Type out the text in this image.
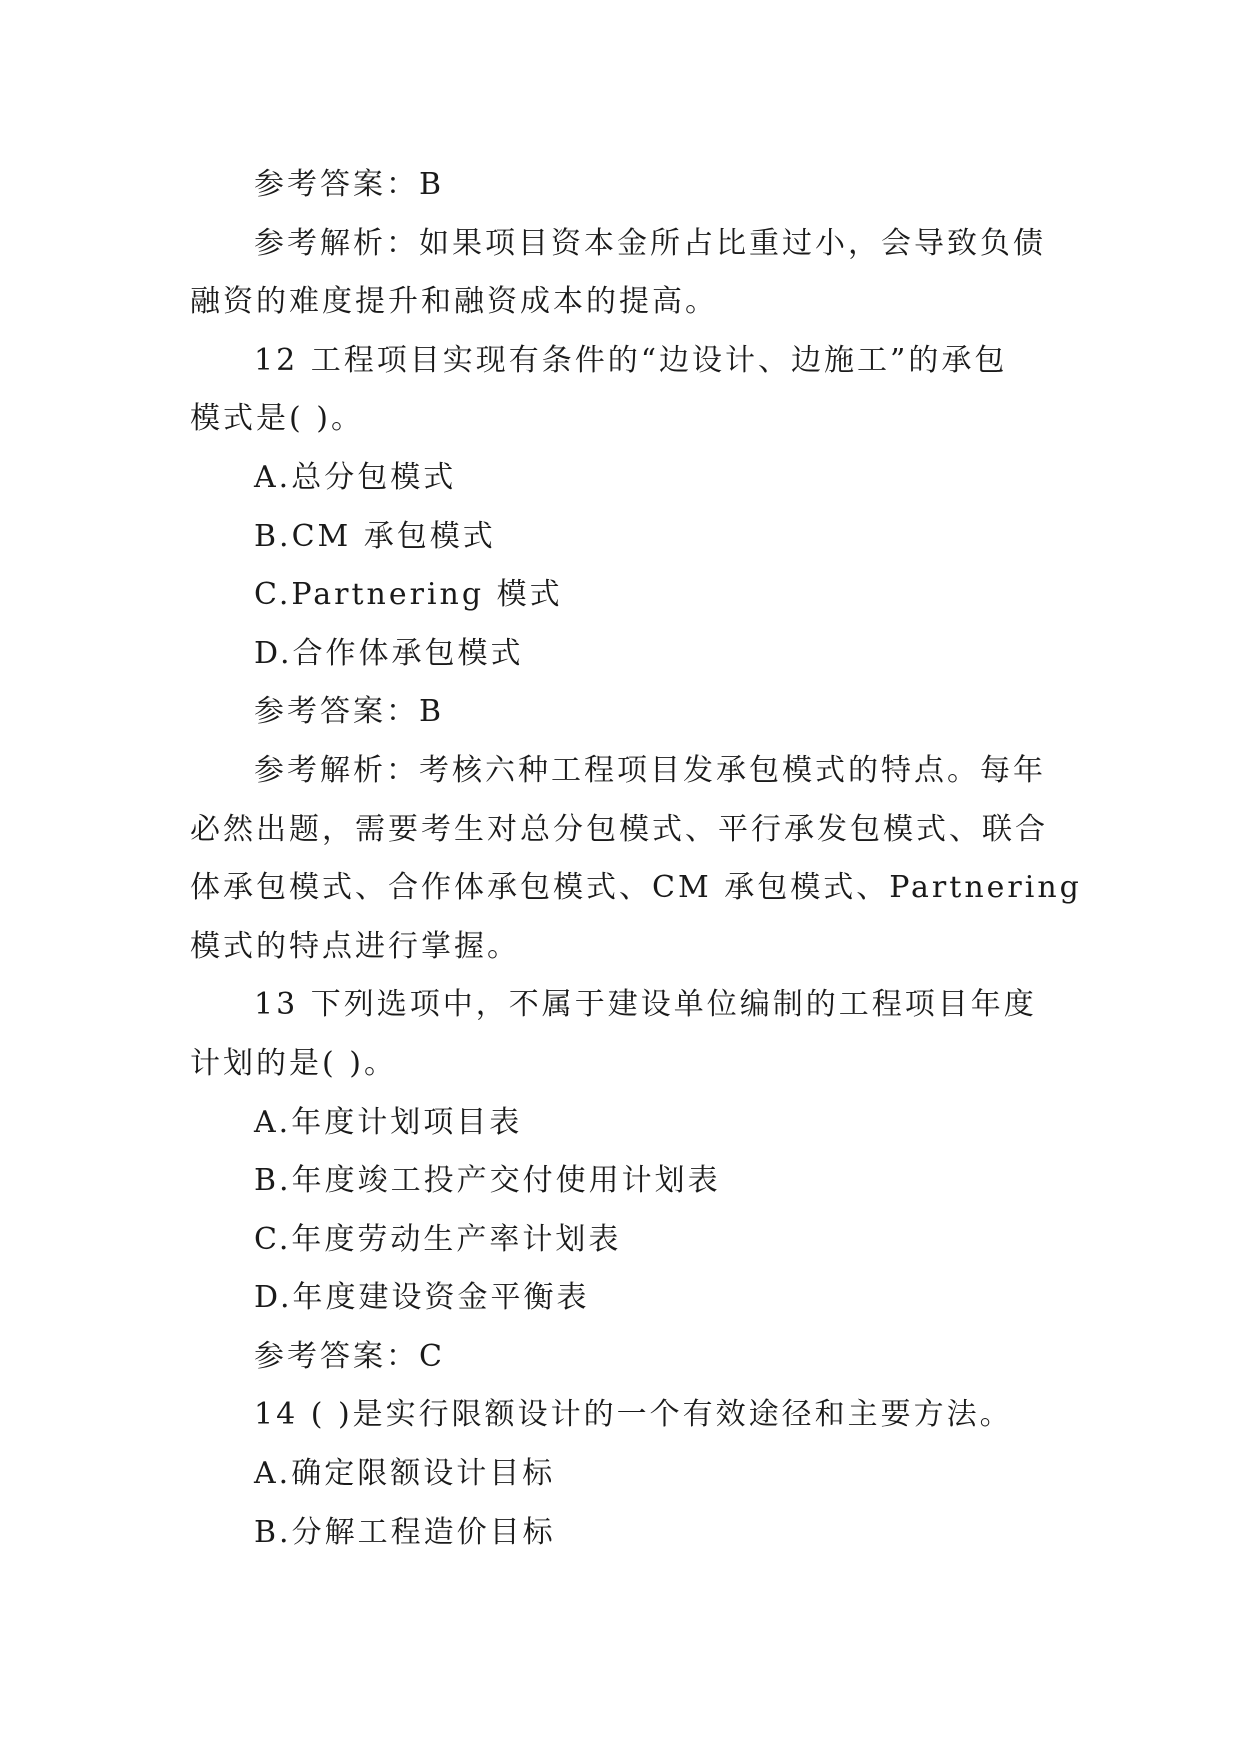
参考答案：B
参考解析：如果项目资本金所占比重过小，会导致负债
融资的难度提升和融资成本的提高。
12 工程项目实现有条件的“边设计、边施工”的承包
模式是( )。
A.总分包模式
B.CM 承包模式
C.Partnering 模式
D.合作体承包模式
参考答案：B
参考解析：考核六种工程项目发承包模式的特点。每年
必然出题，需要考生对总分包模式、平行承发包模式、联合
体承包模式、合作体承包模式、CM 承包模式、Partnering
模式的特点进行掌握。
13 下列选项中，不属于建设单位编制的工程项目年度
计划的是( )。
A.年度计划项目表
B.年度竣工投产交付使用计划表
C.年度劳动生产率计划表
D.年度建设资金平衡表
参考答案：C
14 ( )是实行限额设计的一个有效途径和主要方法。
A.确定限额设计目标
B.分解工程造价目标
